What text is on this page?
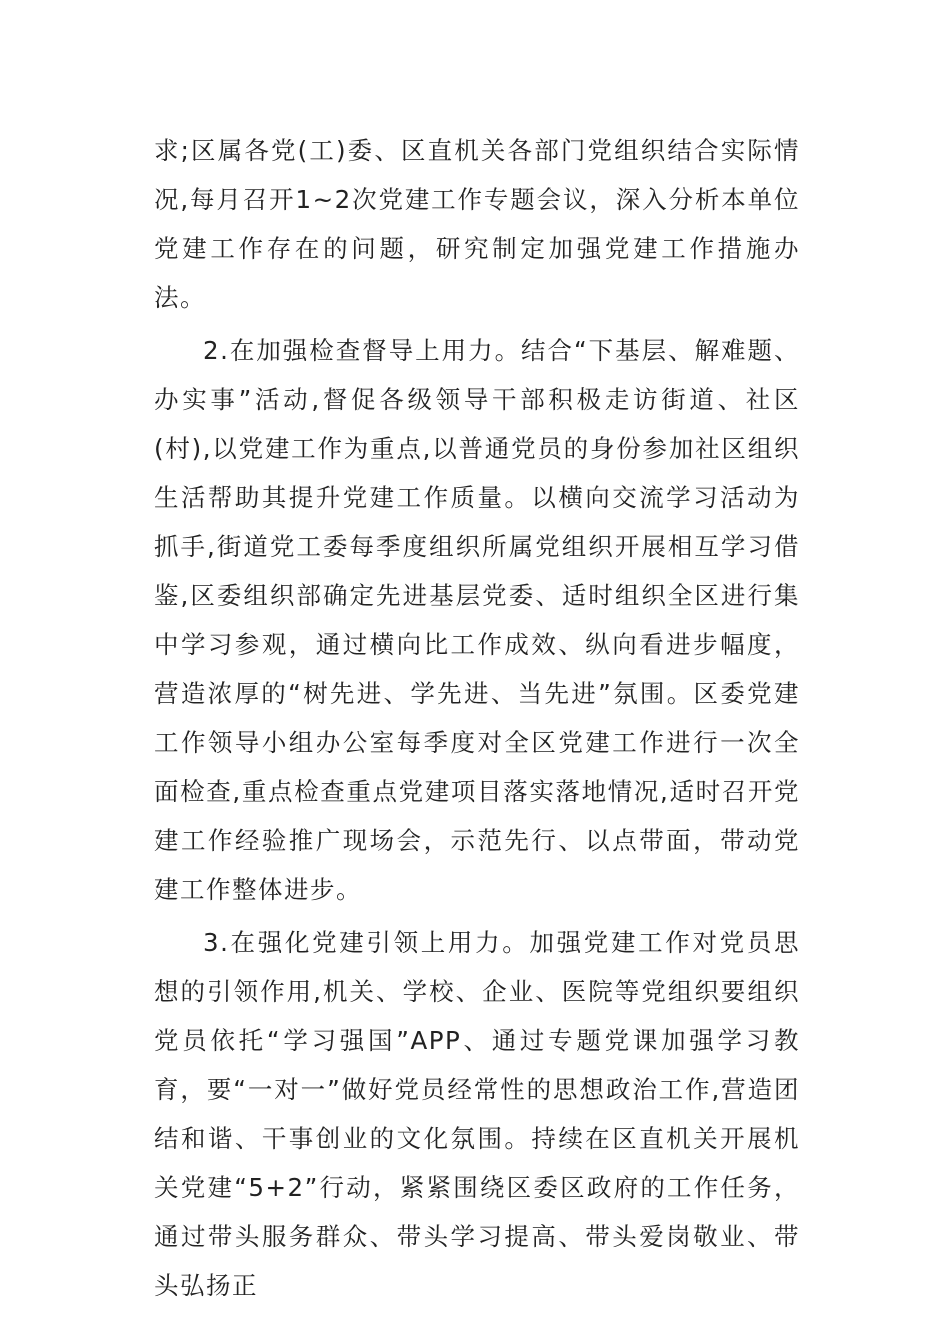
求;区属各党(工)委、区直机关各部门党组织结合实际情况,每月召开1~2次党建工作专题会议，深入分析本单位党建工作存在的问题，研究制定加强党建工作措施办法。

2.在加强检查督导上用力。结合“下基层、解难题、办实事”活动,督促各级领导干部积极走访街道、社区(村),以党建工作为重点,以普通党员的身份参加社区组织生活帮助其提升党建工作质量。以横向交流学习活动为抓手,街道党工委每季度组织所属党组织开展相互学习借鉴,区委组织部确定先进基层党委、适时组织全区进行集中学习参观，通过横向比工作成效、纵向看进步幅度，营造浓厚的“树先进、学先进、当先进”氛围。区委党建工作领导小组办公室每季度对全区党建工作进行一次全面检查,重点检查重点党建项目落实落地情况,适时召开党建工作经验推广现场会，示范先行、以点带面，带动党建工作整体进步。

3.在强化党建引领上用力。加强党建工作对党员思想的引领作用,机关、学校、企业、医院等党组织要组织党员依托“学习强国”APP、通过专题党课加强学习教育，要“一对一”做好党员经常性的思想政治工作,营造团结和谐、干事创业的文化氛围。持续在区直机关开展机关党建“5+2”行动，紧紧围绕区委区政府的工作任务，通过带头服务群众、带头学习提高、带头爱岗敬业、带头弘扬正
